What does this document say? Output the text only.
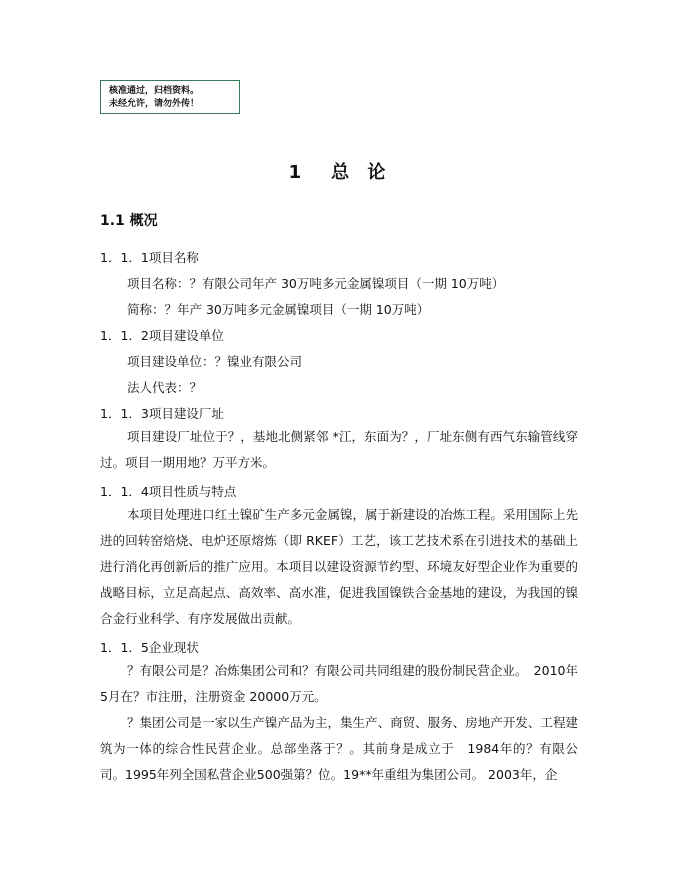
核准通过，归档资料。
未经允许，请勿外传！
1　总 论
1.1 概况
1．1．1项目名称
项目名称：？有限公司年产 30万吨多元金属镍项目（一期 10万吨）
简称：？年产 30万吨多元金属镍项目（一期 10万吨）
1．1．2项目建设单位
项目建设单位：？镍业有限公司
法人代表：？
1．1．3项目建设厂址
项目建设厂址位于？，基地北侧紧邻 *江，东面为？，厂址东侧有西气东输管线穿过。项目一期用地？万平方米。
1．1．4项目性质与特点
本项目处理进口红土镍矿生产多元金属镍，属于新建设的冶炼工程。采用国际上先进的回转窑焙烧、电炉还原熔炼（即 RKEF）工艺，该工艺技术系在引进技术的基础上进行消化再创新后的推广应用。本项目以建设资源节约型、环境友好型企业作为重要的战略目标，立足高起点、高效率、高水准，促进我国镍铁合金基地的建设，为我国的镍合金行业科学、有序发展做出贡献。
1．1．5企业现状
？有限公司是？冶炼集团公司和？有限公司共同组建的股份制民营企业。　2010年5月在？市注册，注册资金 20000万元。
？集团公司是一家以生产镍产品为主，集生产、商贸、服务、房地产开发、工程建筑为一体的综合性民营企业。总部坐落于？。其前身是成立于　1984年的？有限公司。1995年列全国私营企业500强第？位。19**年重组为集团公司。 2003年，企
